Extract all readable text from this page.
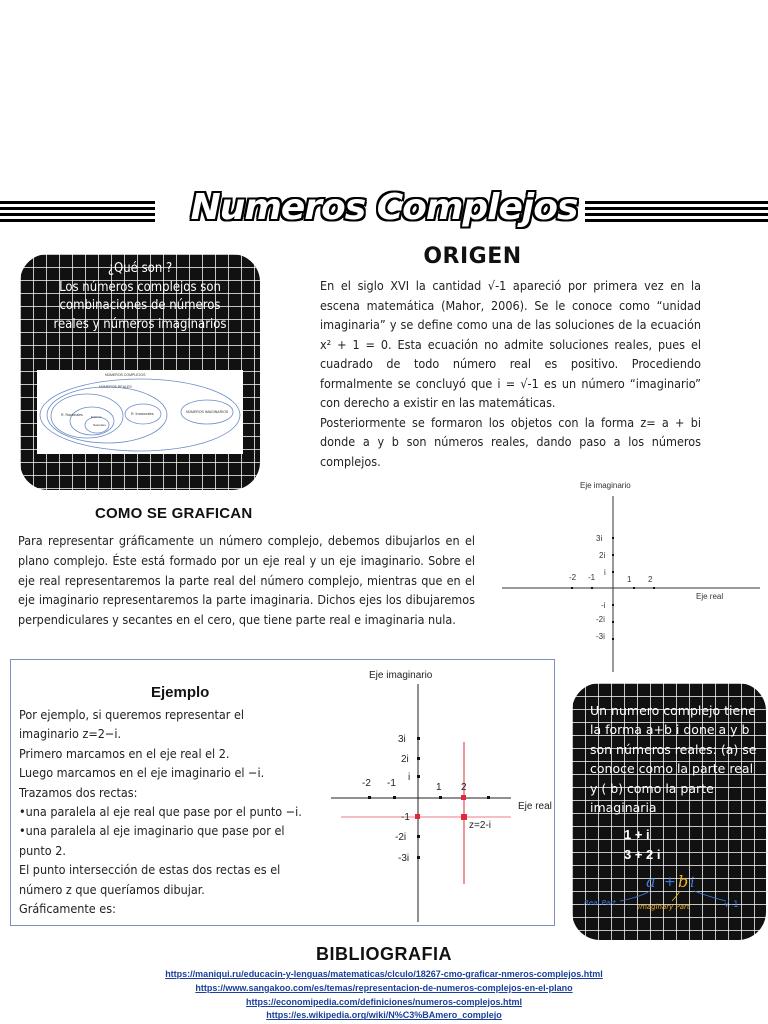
Numeros Complejos
¿Qué son ?
Los números complejos son
combinaciones de números
reales y números imaginarios
NÚMEROS COMPLEJOS
NÚMEROS REALES
R. Racionales	Enteros
Naturales
R. Irracionales	NÚMEROS IMAGINARIOS
ORIGEN

En el siglo XVI la cantidad √-1 apareció por primera vez en la escena matemática (Mahor, 2006). Se le conoce como “unidad imaginaria” y se define como una de las soluciones de la ecuación x² + 1 = 0. Esta ecuación no admite soluciones reales, pues el cuadrado de todo número real es positivo. Procediendo formalmente se concluyó que i = √-1 es un número “imaginario” con derecho a existir en las matemáticas.

Posteriormente se formaron los objetos con la forma z= a + bi donde a y b son números reales, dando paso a los números complejos.

COMO SE GRAFICAN

Para representar gráficamente un número complejo, debemos dibujarlos en el plano complejo. Éste está formado por un eje real y un eje imaginario. Sobre el eje real representaremos la parte real del número complejo, mientras que en el eje imaginario representaremos la parte imaginaria. Dichos ejes los dibujaremos perpendiculares y secantes en el cero, que tiene parte real e imaginaria nula.

Eje imaginario
Eje real
-2 -1	1 2
3i
2i
i
-i
-2i
-3i
Ejemplo
Por ejemplo, si queremos representar el
imaginario z=2−i.
Primero marcamos en el eje real el 2.
Luego marcamos en el eje imaginario el −i.
Trazamos dos rectas:
•una paralela al eje real que pase por el punto −i.
•una paralela al eje imaginario que pase por el
punto 2.
El punto intersección de estas dos rectas es el
número z que queríamos dibujar.
Gráficamente es:
Eje imaginario
Eje real
z=2-i
-2 -1	1 2
3i
2i
i
-1
-2i
-3i
Un numero complejo tiene la forma a+b i done a y b son números reales: (a) se conoce como la parte real y ( b) como la parte imaginaria
1 + i
3 + 2 i
a + b i
Real Part	Imaginary Part	√-1
BIBLIOGRAFIA
https://maniqui.ru/educacin-y-lenguas/matematicas/clculo/18267-cmo-graficar-nmeros-complejos.html
https://www.sangakoo.com/es/temas/representacion-de-numeros-complejos-en-el-plano
https://economipedia.com/definiciones/numeros-complejos.html
https://es.wikipedia.org/wiki/N%C3%BAmero_complejo
